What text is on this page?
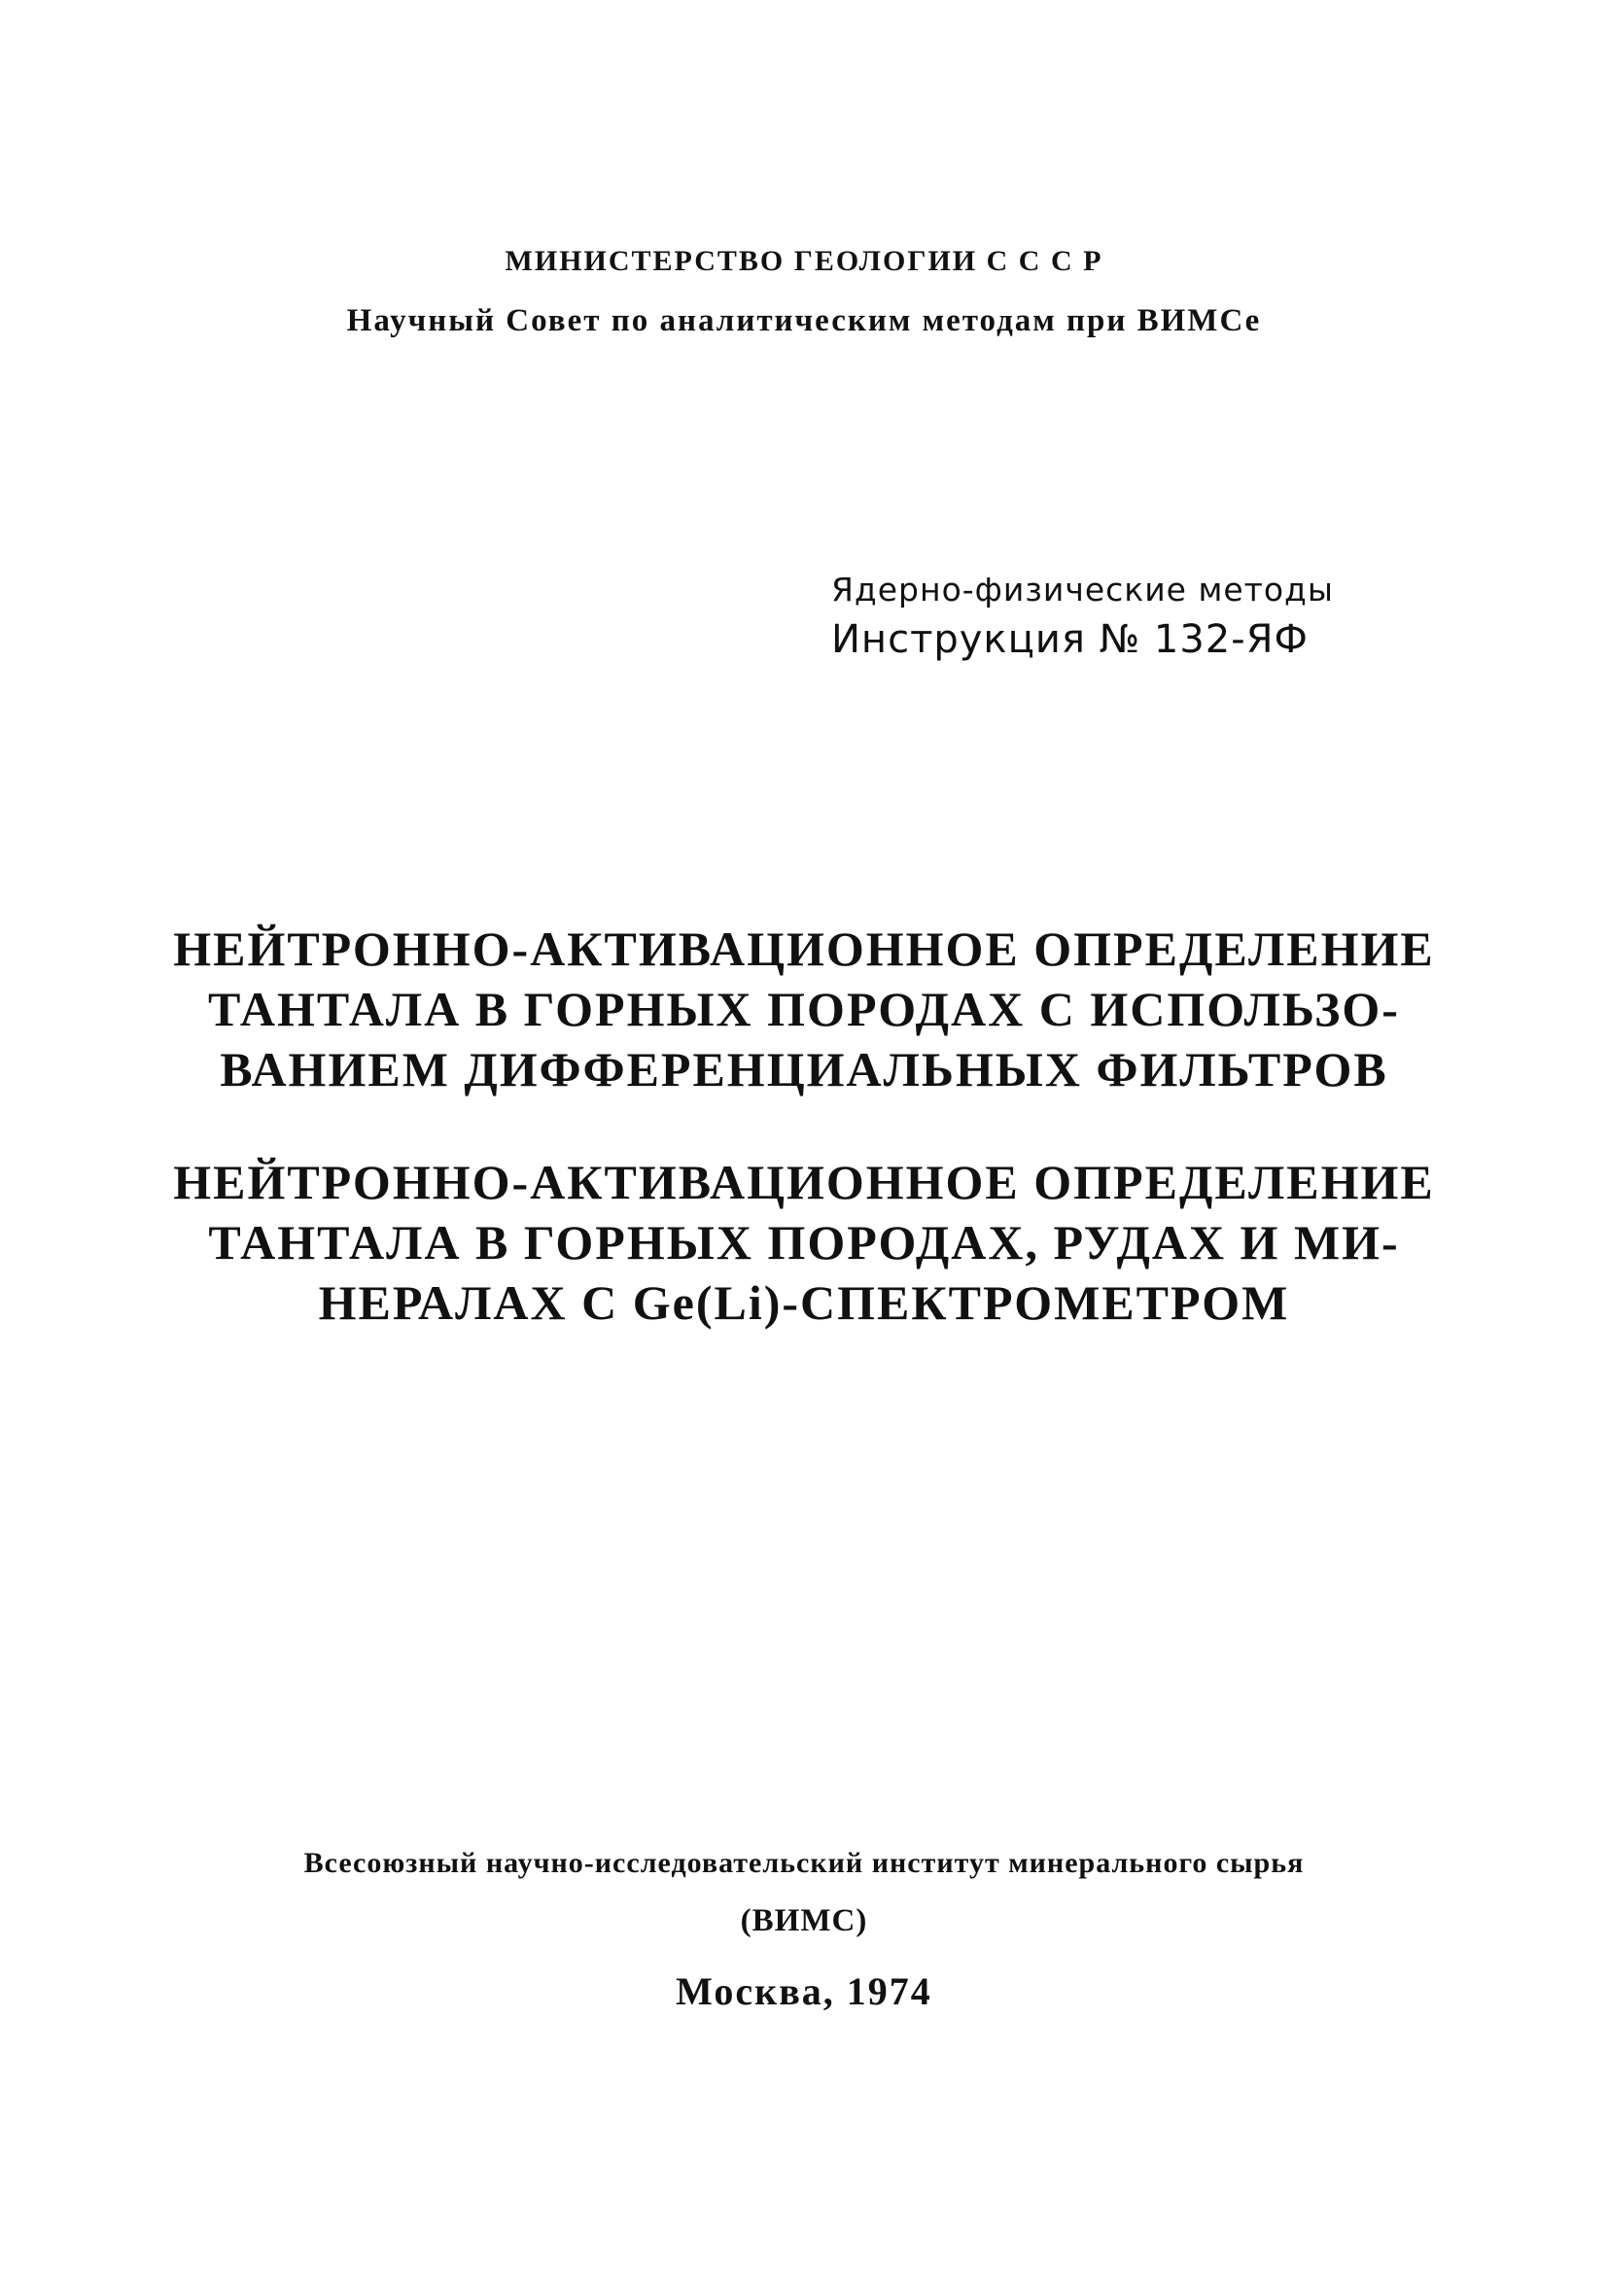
МИНИСТЕРСТВО ГЕОЛОГИИ С С С Р
Научный Совет по аналитическим методам при ВИМСе
Ядерно-физические методы
Инструкция № 132-ЯФ
НЕЙТРОННО-АКТИВАЦИОННОЕ ОПРЕДЕЛЕНИЕ
ТАНТАЛА В ГОРНЫХ ПОРОДАХ С ИСПОЛЬЗО-
ВАНИЕМ ДИФФЕРЕНЦИАЛЬНЫХ ФИЛЬТРОВ
НЕЙТРОННО-АКТИВАЦИОННОЕ ОПРЕДЕЛЕНИЕ
ТАНТАЛА В ГОРНЫХ ПОРОДАХ, РУДАХ И МИ-
НЕРАЛАХ С Ge(Li)-СПЕКТРОМЕТРОМ
Всесоюзный научно-исследовательский институт минерального сырья
(ВИМС)
Москва, 1974
